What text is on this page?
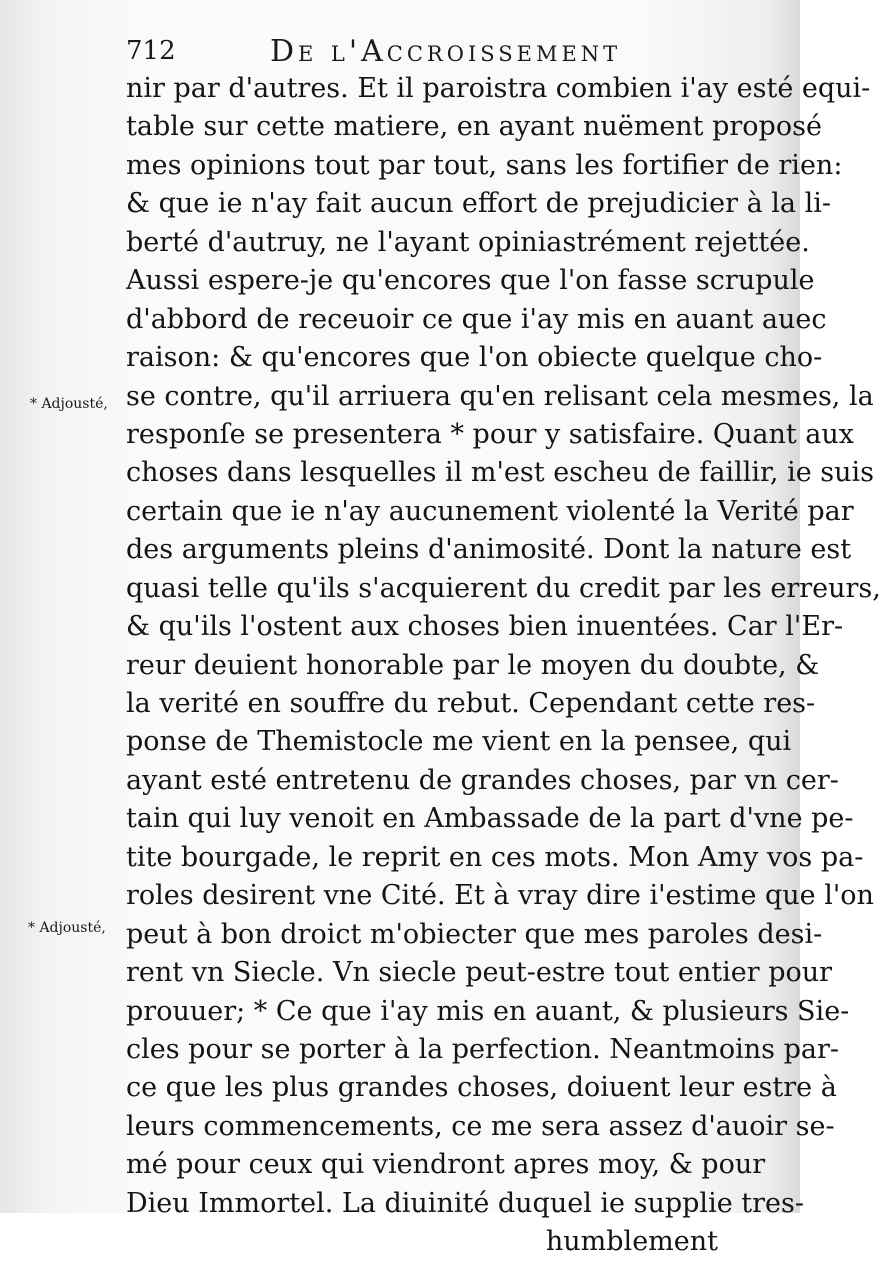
712	De l'Accroissement
* Adjousté,
* Adjousté,
nir par d'autres. Et il paroistra combien i'ay esté equi-
table sur cette matiere, en ayant nuëment proposé
mes opinions tout par tout, sans les fortifier de rien:
& que ie n'ay fait aucun effort de prejudicier à la li-
berté d'autruy, ne l'ayant opiniastrément rejettée.
Aussi espere-je qu'encores que l'on fasse scrupule
d'abbord de receuoir ce que i'ay mis en auant auec
raison: & qu'encores que l'on obiecte quelque cho-
se contre, qu'il arriuera qu'en relisant cela mesmes, la
responſe se presentera * pour y satisfaire. Quant aux
choses dans lesquelles il m'est escheu de faillir, ie suis
certain que ie n'ay aucunement violenté la Verité par
des arguments pleins d'animosité. Dont la nature est
quasi telle qu'ils s'acquierent du credit par les erreurs,
& qu'ils l'ostent aux choses bien inuentées. Car l'Er-
reur deuient honorable par le moyen du doubte, &
la verité en souffre du rebut. Cependant cette res-
ponse de Themistocle me vient en la pensee, qui
ayant esté entretenu de grandes choses, par vn cer-
tain qui luy venoit en Ambassade de la part d'vne pe-
tite bourgade, le reprit en ces mots. Mon Amy vos pa-
roles desirent vne Cité. Et à vray dire i'estime que l'on
peut à bon droict m'obiecter que mes paroles desi-
rent vn Siecle. Vn siecle peut-estre tout entier pour
prouuer; * Ce que i'ay mis en auant, & plusieurs Sie-
cles pour se porter à la perfection. Neantmoins par-
ce que les plus grandes choses, doiuent leur estre à
leurs commencements, ce me sera assez d'auoir se-
mé pour ceux qui viendront apres moy, & pour
Dieu Immortel. La diuinité duquel ie supplie tres-
humblement
